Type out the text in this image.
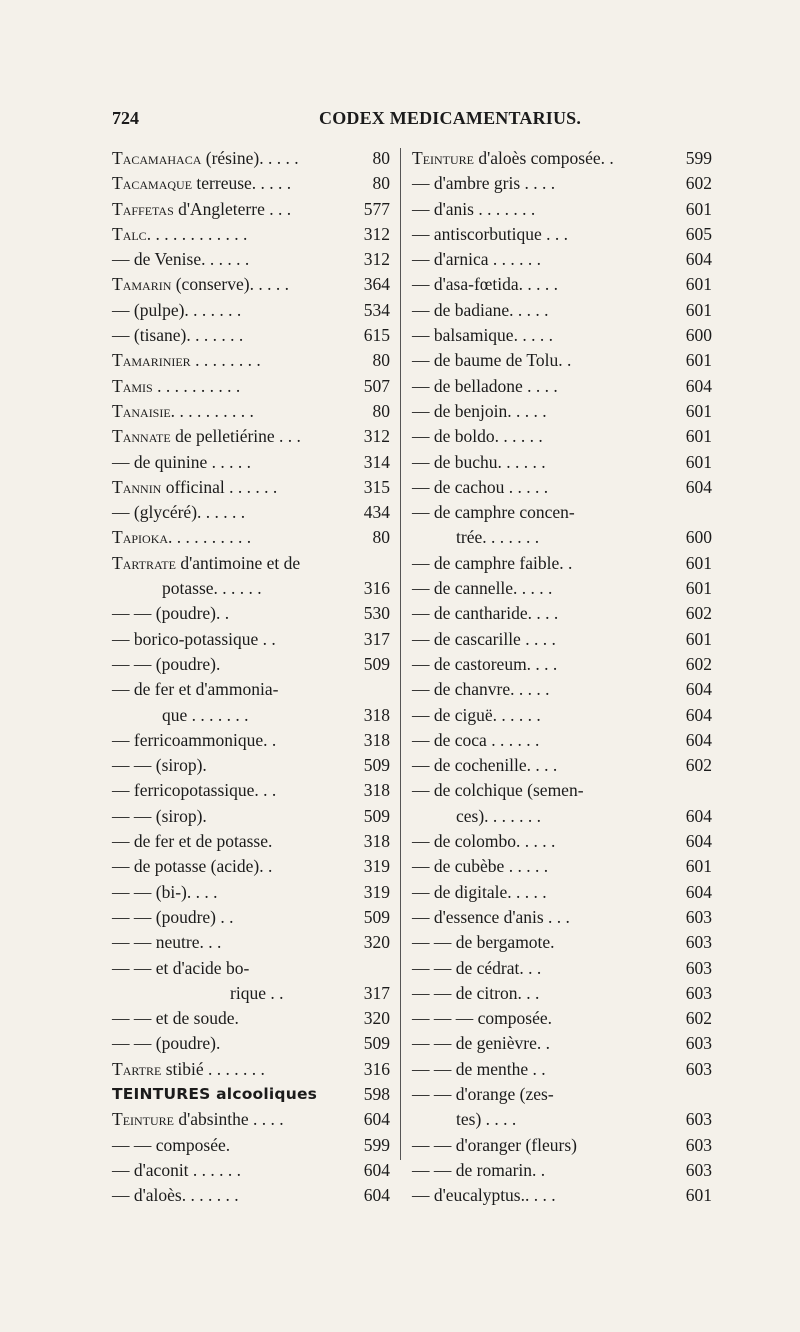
724	CODEX MEDICAMENTARIUS.
Tacamahaca (résine). . . . .	80
Tacamaque terreuse. . . . .	80
Taffetas d'Angleterre . . .	577
Talc. . . . . . . . . . . .	312
— de Venise. . . . . .	312
Tamarin (conserve). . . . .	364
— (pulpe). . . . . . .	534
— (tisane). . . . . . .	615
Tamarinier . . . . . . . .	80
Tamis . . . . . . . . . .	507
Tanaisie. . . . . . . . . .	80
Tannate de pelletiérine . . .	312
— de quinine . . . . .	314
Tannin officinal . . . . . .	315
— (glycéré). . . . . .	434
Tapioka. . . . . . . . . .	80
Tartrate d'antimoine et de
potasse. . . . . .	316
— — (poudre). .	530
— borico-potassique . .	317
— — (poudre).	509
— de fer et d'ammonia-
que . . . . . . .	318
— ferricoammonique. .	318
— — (sirop).	509
— ferricopotassique. . .	318
— — (sirop).	509
— de fer et de potasse.	318
— de potasse (acide). .	319
— — (bi-). . . .	319
— — (poudre) . .	509
— — neutre. . .	320
— — et d'acide bo-
rique . .	317
— — et de soude.	320
— — (poudre).	509
Tartre stibié . . . . . . .	316
TEINTURES alcooliques	598
Teinture d'absinthe . . . .	604
— — composée.	599
— d'aconit . . . . . .	604
— d'aloès. . . . . . .	604
Teinture d'aloès composée. .	599
— d'ambre gris . . . .	602
— d'anis . . . . . . .	601
— antiscorbutique . . .	605
— d'arnica . . . . . .	604
— d'asa-fœtida. . . . .	601
— de badiane. . . . .	601
— balsamique. . . . .	600
— de baume de Tolu. .	601
— de belladone . . . .	604
— de benjoin. . . . .	601
— de boldo. . . . . .	601
— de buchu. . . . . .	601
— de cachou . . . . .	604
— de camphre concen-
trée. . . . . . .	600
— de camphre faible. .	601
— de cannelle. . . . .	601
— de cantharide. . . .	602
— de cascarille . . . .	601
— de castoreum. . . .	602
— de chanvre. . . . .	604
— de ciguë. . . . . .	604
— de coca . . . . . .	604
— de cochenille. . . .	602
— de colchique (semen-
ces). . . . . . .	604
— de colombo. . . . .	604
— de cubèbe . . . . .	601
— de digitale. . . . .	604
— d'essence d'anis . . .	603
— — de bergamote.	603
— — de cédrat. . .	603
— — de citron. . .	603
— — — composée.	602
— — de genièvre. .	603
— — de menthe . .	603
— — d'orange (zes-
tes) . . . .	603
— — d'oranger (fleurs)	603
— — de romarin. .	603
— d'eucalyptus.. . . .	601
